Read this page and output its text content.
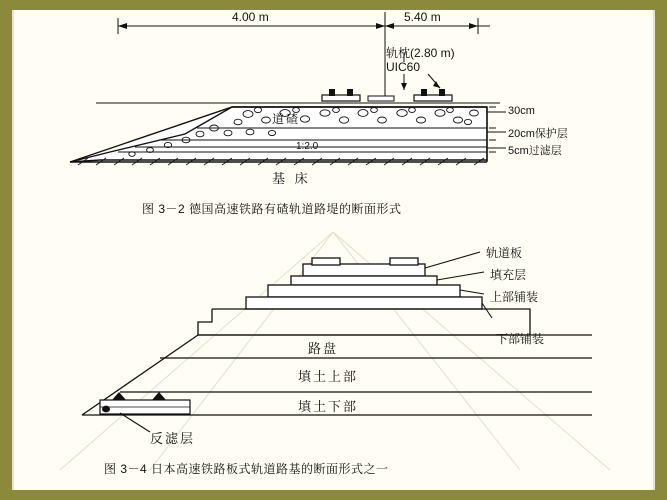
4.00 m	5.40 m
轨枕(2.80 m)
UIC60
道碴
1:2.0
30cm
20cm保护层
5cm过滤层
基 床
图 3－2 德国高速铁路有碴轨道路堤的断面形式
轨道板
填充层
上部铺装
下部铺装
路盘
填土上部
填土下部
反滤层
图 3－4 日本高速铁路板式轨道路基的断面形式之一
